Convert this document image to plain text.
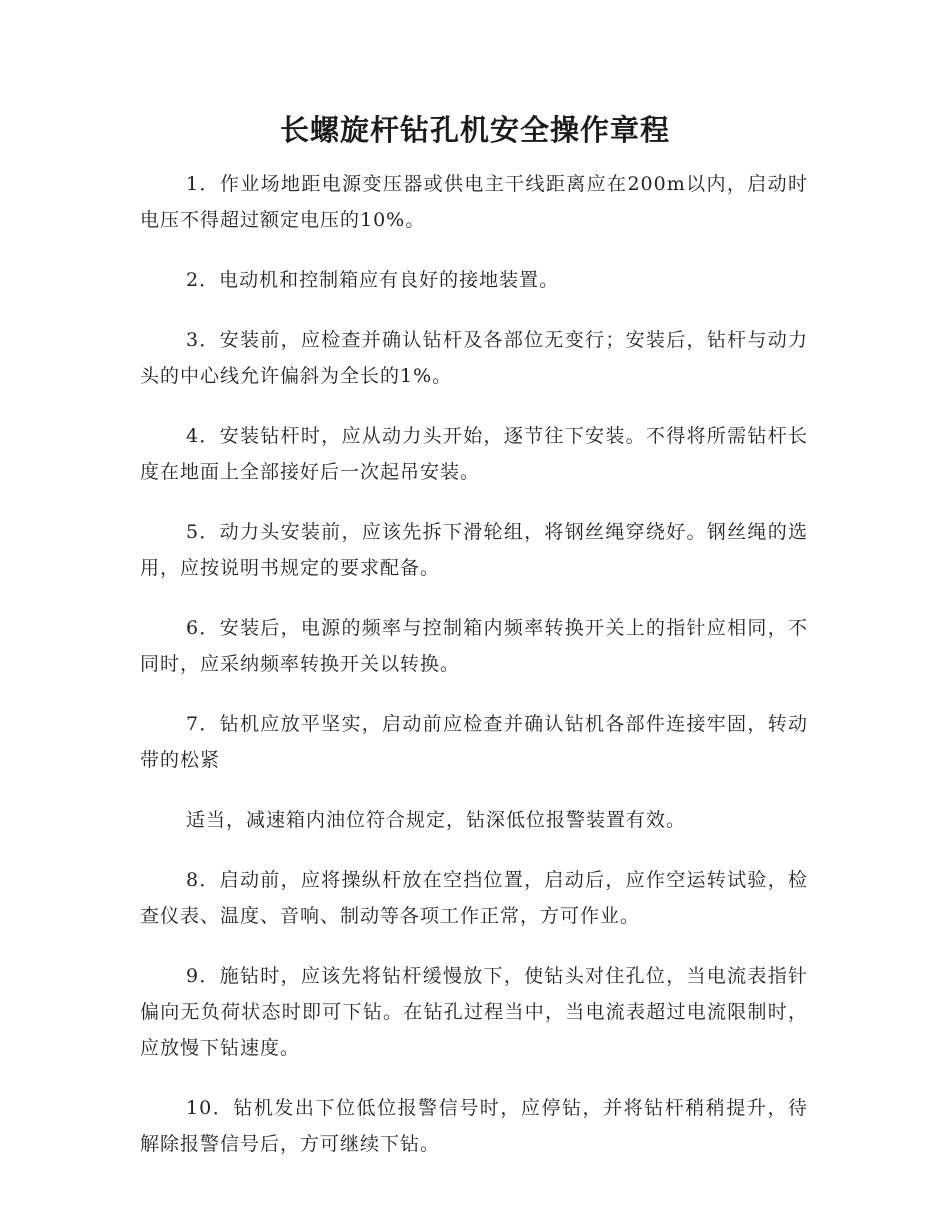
长螺旋杆钻孔机安全操作章程

1．作业场地距电源变压器或供电主干线距离应在200m以内，启动时电压不得超过额定电压的10%。

2．电动机和控制箱应有良好的接地装置。

3．安装前，应检查并确认钻杆及各部位无变行；安装后，钻杆与动力头的中心线允许偏斜为全长的1%。

4．安装钻杆时，应从动力头开始，逐节往下安装。不得将所需钻杆长度在地面上全部接好后一次起吊安装。

5．动力头安装前，应该先拆下滑轮组，将钢丝绳穿绕好。钢丝绳的选用，应按说明书规定的要求配备。

6．安装后，电源的频率与控制箱内频率转换开关上的指针应相同，不同时，应采纳频率转换开关以转换。

7．钻机应放平坚实，启动前应检查并确认钻机各部件连接牢固，转动带的松紧

适当，减速箱内油位符合规定，钻深低位报警装置有效。

8．启动前，应将操纵杆放在空挡位置，启动后，应作空运转试验，检查仪表、温度、音响、制动等各项工作正常，方可作业。

9．施钻时，应该先将钻杆缓慢放下，使钻头对住孔位，当电流表指针偏向无负荷状态时即可下钻。在钻孔过程当中，当电流表超过电流限制时，应放慢下钻速度。

10．钻机发出下位低位报警信号时，应停钻，并将钻杆稍稍提升，待解除报警信号后，方可继续下钻。
